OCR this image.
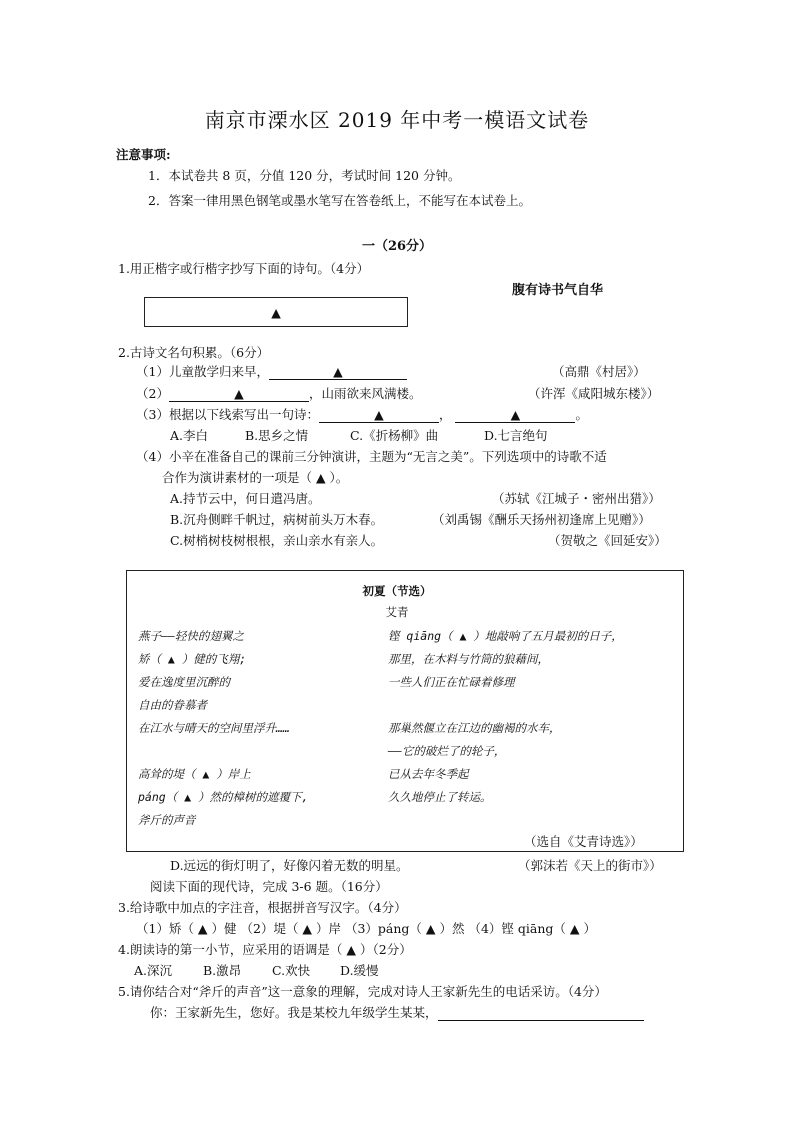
南京市溧水区 2019 年中考一模语文试卷
注意事项:
1．本试卷共 8 页，分值 120 分，考试时间 120 分钟。
2．答案一律用黑色钢笔或墨水笔写在答卷纸上，不能写在本试卷上。
一（26分）
1.用正楷字或行楷字抄写下面的诗句。（4分）
腹有诗书气自华
▲
2.古诗文名句积累。（6分）
（1）儿童散学归来早，	▲	（高鼎《村居》）
（2）	▲	，山雨欲来风满楼。	（许浑《咸阳城东楼》）
（3）根据以下线索写出一句诗：	▲	，	▲	。
A.李白	B.思乡之情	C.《折杨柳》曲	D.七言绝句
（4）小辛在准备自己的课前三分钟演讲，主题为“无言之美”。下列选项中的诗歌不适
合作为演讲素材的一项是（ ▲ ）。
A.持节云中，何日遣冯唐。	（苏轼《江城子・密州出猎》）
B.沉舟侧畔千帆过，病树前头万木春。	（刘禹锡《酬乐天扬州初逢席上见赠》）
C.树梢树枝树根根，亲山亲水有亲人。	（贺敬之《回延安》）
初夏（节选）
艾青
燕子——轻快的翅翼之
矫（ ▲ ）健的飞翔;
爱在逸度里沉醉的
自由的眷慕者
在江水与晴天的空间里浮升……
高耸的堤（ ▲ ）岸上
páng（ ▲ ）然的樟树的遮覆下,
斧斤的声音
铿 qiāng（ ▲ ）地敲响了五月最初的日子，
那里，在木料与竹筒的狼藉间，
一些人们正在忙碌着修理
那巢然偃立在江边的幽褐的水车，
——它的破烂了的轮子，
已从去年冬季起
久久地停止了转运。
（选自《艾青诗选》）
D.远远的街灯明了，好像闪着无数的明星。	（郭沫若《天上的街市》）
阅读下面的现代诗，完成 3-6 题。（16分）
3.给诗歌中加点的字注音，根据拼音写汉字。（4分）
（1）矫（ ▲ ）健 （2）堤（ ▲ ）岸 （3）páng（ ▲ ）然 （4）铿 qiāng（ ▲ ）
4.朗读诗的第一小节，应采用的语调是（ ▲ ）（2分）
A.深沉 B.激昂 C.欢快 D.缓慢
5.请你结合对“斧斤的声音”这一意象的理解，完成对诗人王家新先生的电话采访。（4分）
你：王家新先生，您好。我是某校九年级学生某某，
